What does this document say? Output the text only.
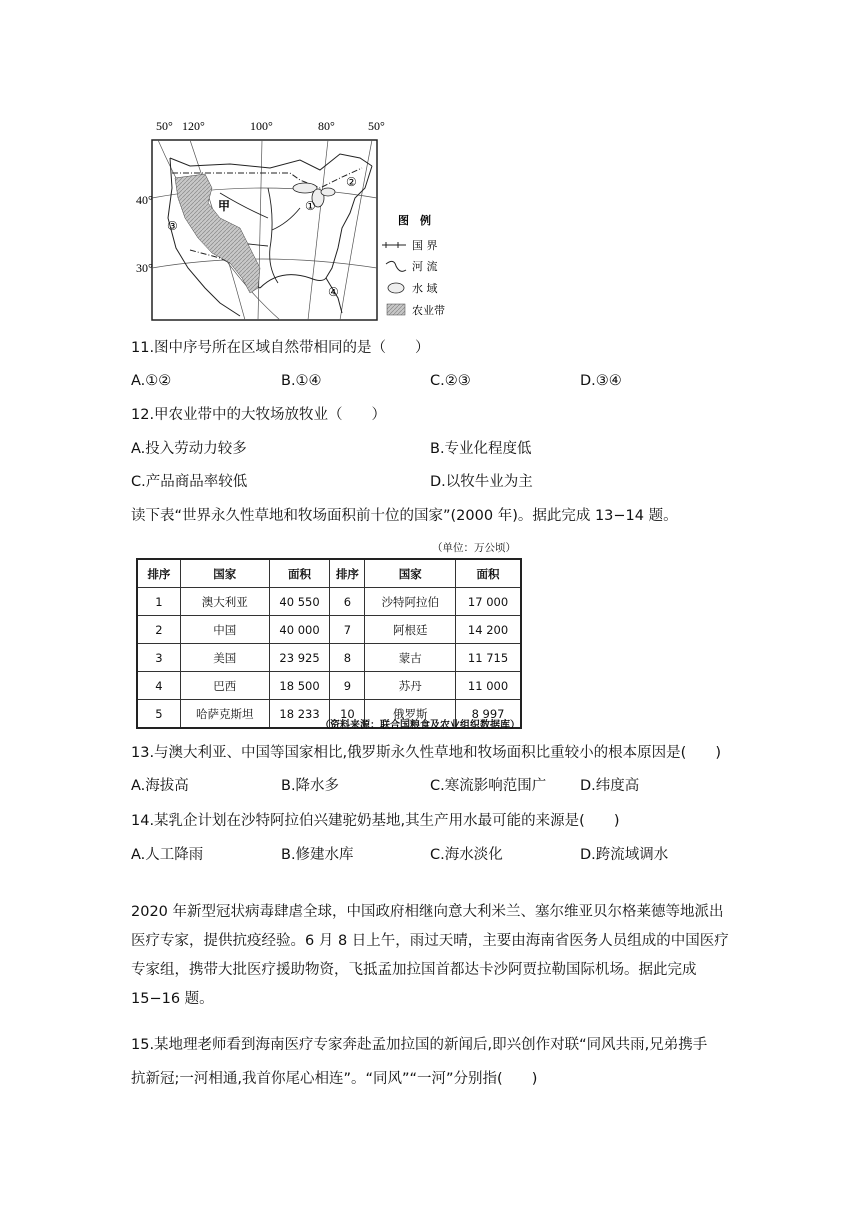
甲	①
②
③
④
50° 120°	100°	80°	50°
40°
30°
图　例
国 界
河 流
水 域
农业带
11.图中序号所在区域自然带相同的是（　　）
A.①②	B.①④	C.②③	D.③④
12.甲农业带中的大牧场放牧业（　　）
A.投入劳动力较多	B.专业化程度低
C.产品商品率较低	D.以牧牛业为主
读下表“世界永久性草地和牧场面积前十位的国家”(2000 年)。据此完成 13−14 题。
（单位：万公顷）
排序	国家	面积	排序	国家	面积
1	澳大利亚	40 550	6	沙特阿拉伯	17 000
2	中国	40 000	7	阿根廷	14 200
3	美国	23 925	8	蒙古	11 715
4	巴西	18 500	9	苏丹	11 000
5	哈萨克斯坦	18 233	10	俄罗斯	8 997
（资料来源：联合国粮食及农业组织数据库）
13.与澳大利亚、中国等国家相比,俄罗斯永久性草地和牧场面积比重较小的根本原因是(　　)
A.海拔高	B.降水多	C.寒流影响范围广 D.纬度高
14.某乳企计划在沙特阿拉伯兴建驼奶基地,其生产用水最可能的来源是(　　)
A.人工降雨	B.修建水库	C.海水淡化	D.跨流域调水
2020 年新型冠状病毒肆虐全球，中国政府相继向意大利米兰、塞尔维亚贝尔格莱德等地派出医疗专家，提供抗疫经验。6 月 8 日上午，雨过天晴，主要由海南省医务人员组成的中国医疗专家组，携带大批医疗援助物资，飞抵孟加拉国首都达卡沙阿贾拉勒国际机场。据此完成 15−16 题。
15.某地理老师看到海南医疗专家奔赴孟加拉国的新闻后,即兴创作对联“同风共雨,兄弟携手
抗新冠;一河相通,我首你尾心相连”。“同风”“一河”分别指(　　)
